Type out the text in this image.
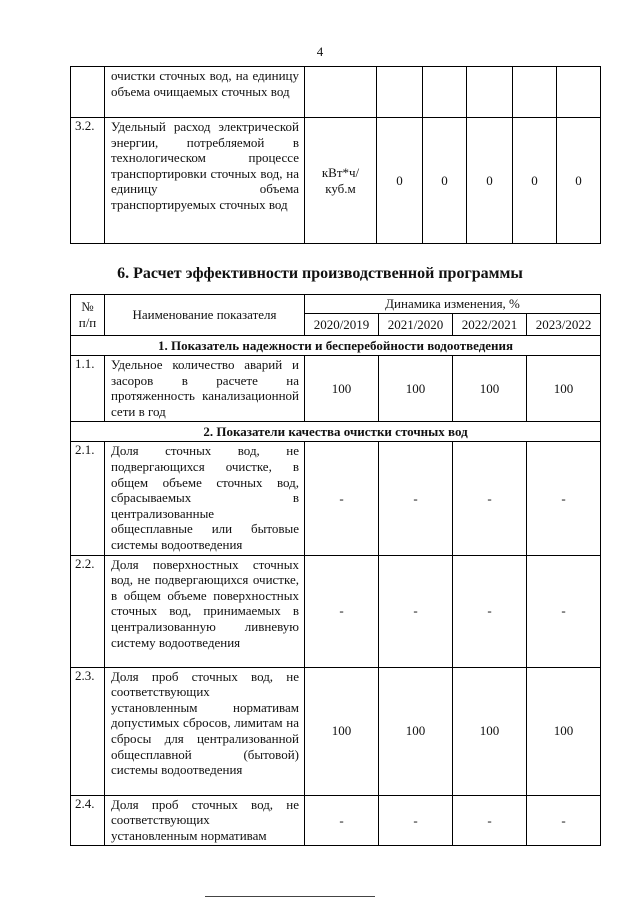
4
	очистки сточных вод, на единицу объема очищаемых сточных вод						
3.2.	Удельный расход электрической энергии, потребляемой в технологическом процессе транспортировки сточных вод, на единицу объема транспортируемых сточных вод	кВт*ч/ куб.м	0	0	0	0	0
6. Расчет эффективности производственной программы
№ п/п	Наименование показателя	Динамика изменения, %			
		2020/2019	2021/2020	2022/2021	2023/2022
1. Показатель надежности и бесперебойности водоотведения					
1.1.	Удельное количество аварий и засоров в расчете на протяженность канализационной сети в год	100	100	100	100
2. Показатели качества очистки сточных вод					
2.1.	Доля сточных вод, не подвергающихся очистке, в общем объеме сточных вод, сбрасываемых в централизованные общесплавные или бытовые системы водоотведения	-	-	-	-
2.2.	Доля поверхностных сточных вод, не подвергающихся очистке, в общем объеме поверхностных сточных вод, принимаемых в централизованную ливневую систему водоотведения	-	-	-	-
2.3.	Доля проб сточных вод, не соответствующих установленным нормативам допустимых сбросов, лимитам на сбросы для централизованной общесплавной (бытовой) системы водоотведения	100	100	100	100
2.4.	Доля проб сточных вод, не соответствующих установленным нормативам	-	-	-	-
